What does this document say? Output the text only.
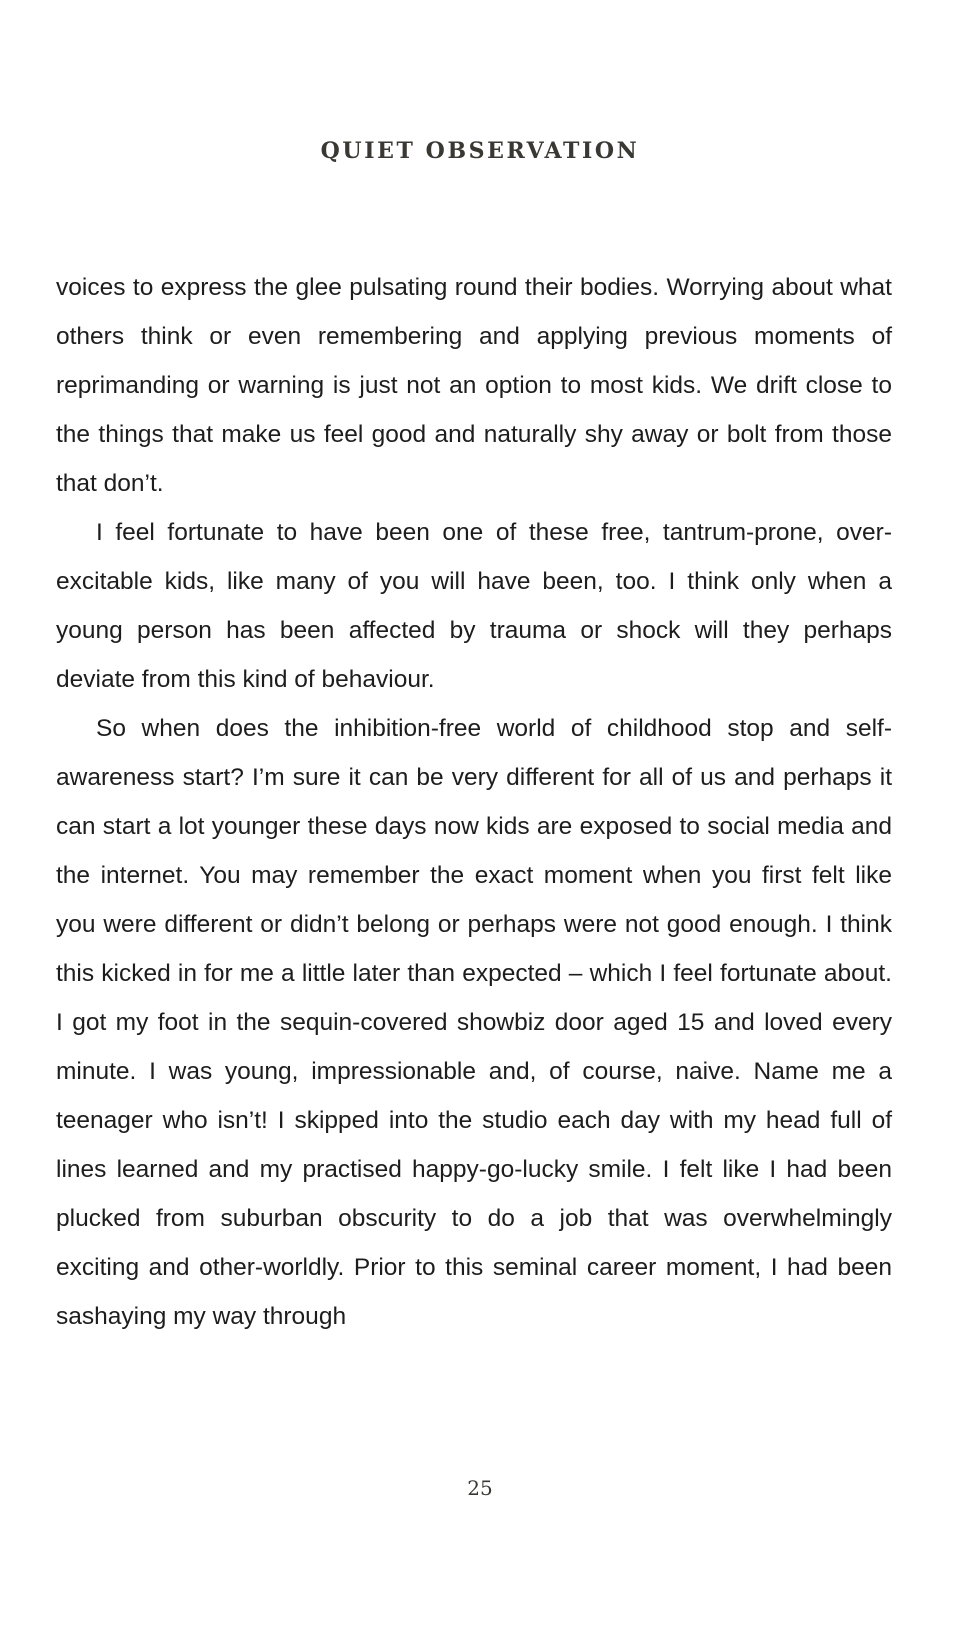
QUIET OBSERVATION

voices to express the glee pulsating round their bodies. Worrying about what others think or even remembering and applying previous moments of reprimanding or warning is just not an option to most kids. We drift close to the things that make us feel good and naturally shy away or bolt from those that don’t.

I feel fortunate to have been one of these free, tantrum-prone, over-excitable kids, like many of you will have been, too. I think only when a young person has been affected by trauma or shock will they perhaps deviate from this kind of behaviour.

So when does the inhibition-free world of childhood stop and self-awareness start? I’m sure it can be very different for all of us and perhaps it can start a lot younger these days now kids are exposed to social media and the internet. You may remember the exact moment when you first felt like you were different or didn’t belong or perhaps were not good enough. I think this kicked in for me a little later than expected – which I feel fortunate about. I got my foot in the sequin-covered showbiz door aged 15 and loved every minute. I was young, impressionable and, of course, naive. Name me a teenager who isn’t! I skipped into the studio each day with my head full of lines learned and my practised happy-go-lucky smile. I felt like I had been plucked from suburban obscurity to do a job that was overwhelmingly exciting and other-worldly. Prior to this seminal career moment, I had been sashaying my way through

25
